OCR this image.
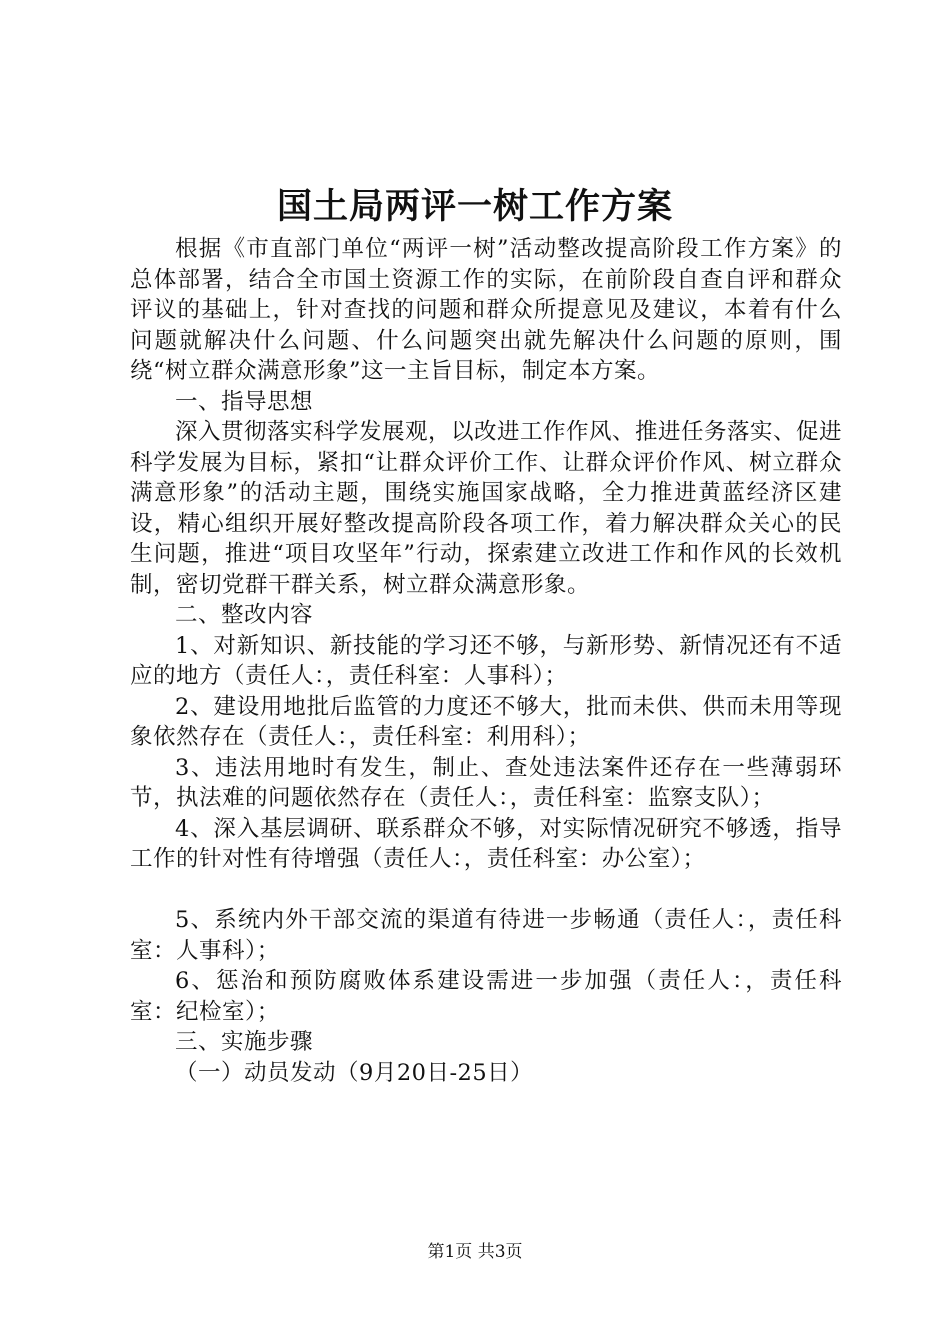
国土局两评一树工作方案

根据《市直部门单位“两评一树”活动整改提高阶段工作方案》的总体部署，结合全市国土资源工作的实际，在前阶段自查自评和群众评议的基础上，针对查找的问题和群众所提意见及建议，本着有什么问题就解决什么问题、什么问题突出就先解决什么问题的原则，围绕“树立群众满意形象”这一主旨目标，制定本方案。

一、指导思想

深入贯彻落实科学发展观，以改进工作作风、推进任务落实、促进科学发展为目标，紧扣“让群众评价工作、让群众评价作风、树立群众满意形象”的活动主题，围绕实施国家战略，全力推进黄蓝经济区建设，精心组织开展好整改提高阶段各项工作，着力解决群众关心的民生问题，推进“项目攻坚年”行动，探索建立改进工作和作风的长效机制，密切党群干群关系，树立群众满意形象。

二、整改内容

1、对新知识、新技能的学习还不够，与新形势、新情况还有不适应的地方（责任人：，责任科室：人事科）；

2、建设用地批后监管的力度还不够大，批而未供、供而未用等现象依然存在（责任人：，责任科室：利用科）；

3、违法用地时有发生，制止、查处违法案件还存在一些薄弱环节，执法难的问题依然存在（责任人：，责任科室：监察支队）；

4、深入基层调研、联系群众不够，对实际情况研究不够透，指导工作的针对性有待增强（责任人：，责任科室：办公室）；

5、系统内外干部交流的渠道有待进一步畅通（责任人：，责任科室：人事科）；

6、惩治和预防腐败体系建设需进一步加强（责任人：，责任科室：纪检室）；

三、实施步骤

（一）动员发动（9月20日-25日）

第1页 共3页
